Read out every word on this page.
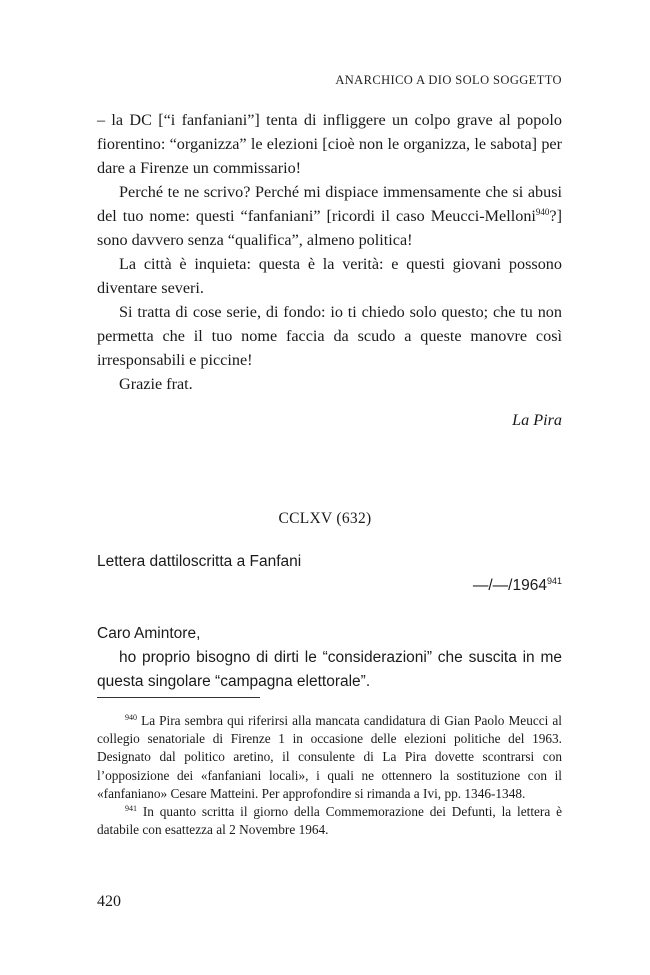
ANARCHICO A DIO SOLO SOGGETTO

– la DC [“i fanfaniani”] tenta di infliggere un colpo grave al popolo fiorentino: “organizza” le elezioni [cioè non le organizza, le sabota] per dare a Firenze un commissario!

Perché te ne scrivo? Perché mi dispiace immensamente che si abusi del tuo nome: questi “fanfaniani” [ricordi il caso Meucci-Melloni$^{940}$?] sono davvero senza “qualifica”, almeno politica!

La città è inquieta: questa è la verità: e questi giovani possono diventare severi.

Si tratta di cose serie, di fondo: io ti chiedo solo questo; che tu non permetta che il tuo nome faccia da scudo a queste manovre così irresponsabili e piccine!

Grazie frat.

La Pira

CCLXV (632)

Lettera dattiloscritta a Fanfani

—/—/1964$^{941}$

Caro Amintore,

ho proprio bisogno di dirti le “considerazioni” che suscita in me questa singolare “campagna elettorale”.

$^{940}$ La Pira sembra qui riferirsi alla mancata candidatura di Gian Paolo Meucci al collegio senatoriale di Firenze 1 in occasione delle elezioni politiche del 1963. Designato dal politico aretino, il consulente di La Pira dovette scontrarsi con l’opposizione dei «fanfaniani locali», i quali ne ottennero la sostituzione con il «fanfaniano» Cesare Matteini. Per approfondire si rimanda a Ivi, pp. 1346-1348.

$^{941}$ In quanto scritta il giorno della Commemorazione dei Defunti, la lettera è databile con esattezza al 2 Novembre 1964.

420
